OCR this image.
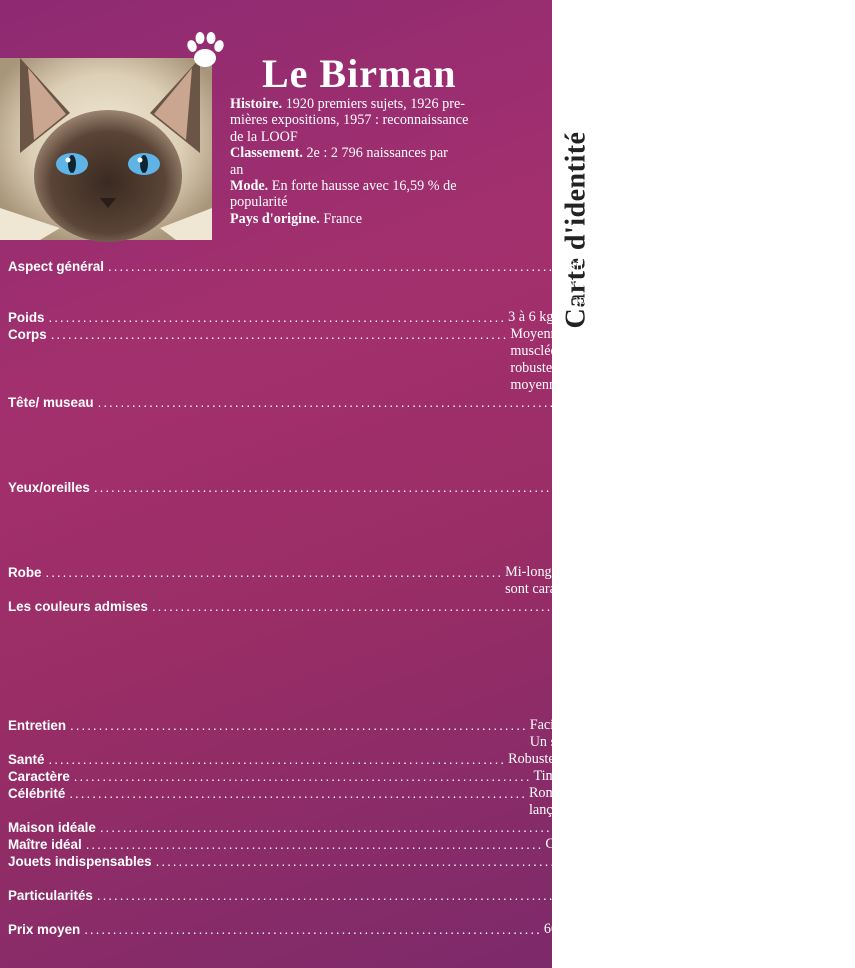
Carte d'identité
Le Birman

Histoire. 1920 premiers sujets, 1926 pre-

mières expositions, 1957 : reconnaissance

de la LOOF

Classement. 2e : 2 796 naissances par

an

Mode. En forte hausse avec 16,59 % de

popularité

Pays d'origine. France

Aspect général ................................................................................ Silhouette harmonieuse, mensurations
moyennes, avec une ossature épaisse par
rapport à sa taille.
Poids ................................................................................ 3 à 6 kg
Corps ................................................................................ Moyennement long et massif. Encolure
musclée. Pattes moyennes, squelette
robuste, pieds grands et ronds. La queue,
moyenne, est de taille proportionnée
Tête/ museau ................................................................................ Moyenne, la tête est ronde et large en
forme de diamant arrondi. Le front est légè
rement arrondi. Le nez est moyennement
long et large. Joues hautes, mâchoires
robustes et menton fort
Yeux/oreilles ................................................................................ Les yeux sont grands, bien espacés, presque
de forme ronde. La couleur bleue doit être
la plus intense possible. Les oreilles
arrondies à leur extrémité sont moyennes
et aussi larges que hautes
Robe ................................................................................ Mi-longue est très douce. Les gants blancs
sont caractéristiques
Les couleurs admises ................................................................................ Le corps est toujours beige avec des reflets
dorés, avec des variantes de couleur :
cream point, red point, lilac point, blue
point, seal point et chocolate point.
Et des variantes de motifs : Seal tortie
point, seal tortie tabby point, seal tabby
point et blue tabby point
Entretien ................................................................................ Facile. Son poil ne fait pas de nœud.
Un simple brossage hebdomadaire suffit
Santé ................................................................................ Robuste
Caractère ................................................................................ Timide et sensible
Célébrité ................................................................................ Romy Schneider qui possédait un Birman,
lança la mode dans les années 60
Maison idéale ................................................................................ Il s'adapte à tous les environnements
Maître idéal ................................................................................ Couple avec enfants
Jouets indispensables ................................................................................ Un arbre à chat, balles de ping-pong,
rouleau de papier hygiénique !
Particularités ................................................................................ Extrêmement propre, il préférera se retenir
plutôt que de vous contrarier
Prix moyen ................................................................................ 600 à 1 000 euros
